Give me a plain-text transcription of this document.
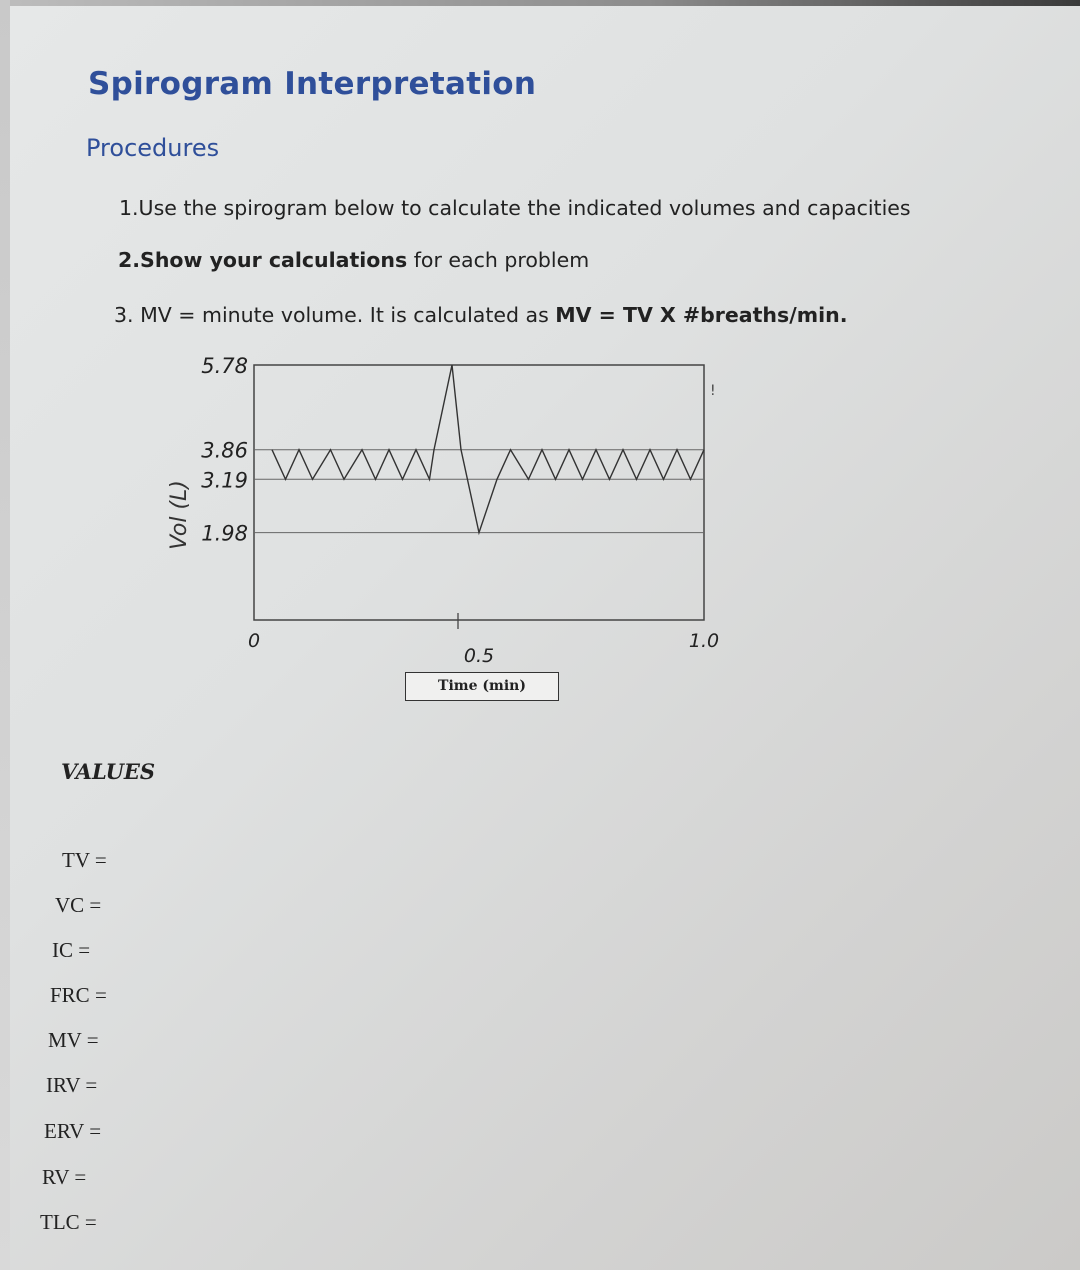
Spirogram Interpretation
Procedures
1.Use the spirogram below to calculate the indicated volumes and capacities
2.Show your calculations for each problem
3. MV = minute volume. It is calculated as MV = TV X #breaths/min.
5.78
3.86
3.19
1.98
0
0.5
1.0
Vol (L)
!
Time (min)
VALUES
TV =
VC =
IC =
FRC =
MV =
IRV =
ERV =
RV =
TLC =
